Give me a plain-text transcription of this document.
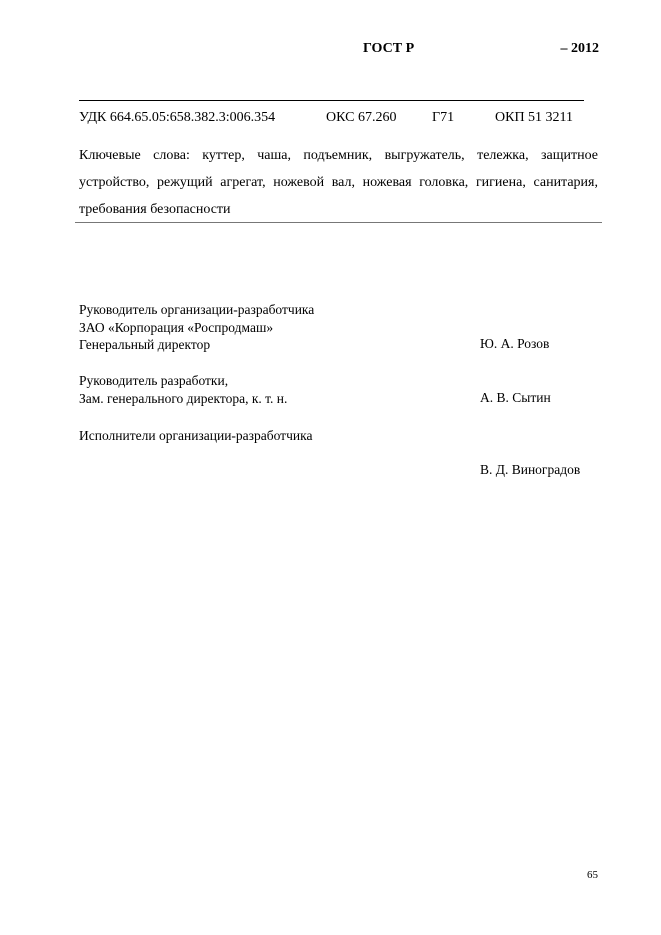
ГОСТ Р	– 2012
УДК 664.65.05:658.382.3:006.354	ОКС 67.260	Г71	ОКП 51 3211
Ключевые слова: куттер, чаша, подъемник, выгружатель, тележка, защитное устройство, режущий агрегат, ножевой вал, ножевая головка, гигиена, санитария, требования безопасности
Руководитель организации-разработчика
ЗАО «Корпорация «Роспродмаш»
Генеральный директор	Ю. А. Розов
Руководитель разработки,
Зам. генерального директора, к. т. н.	А. В. Сытин
Исполнители организации-разработчика
В. Д. Виноградов
65
